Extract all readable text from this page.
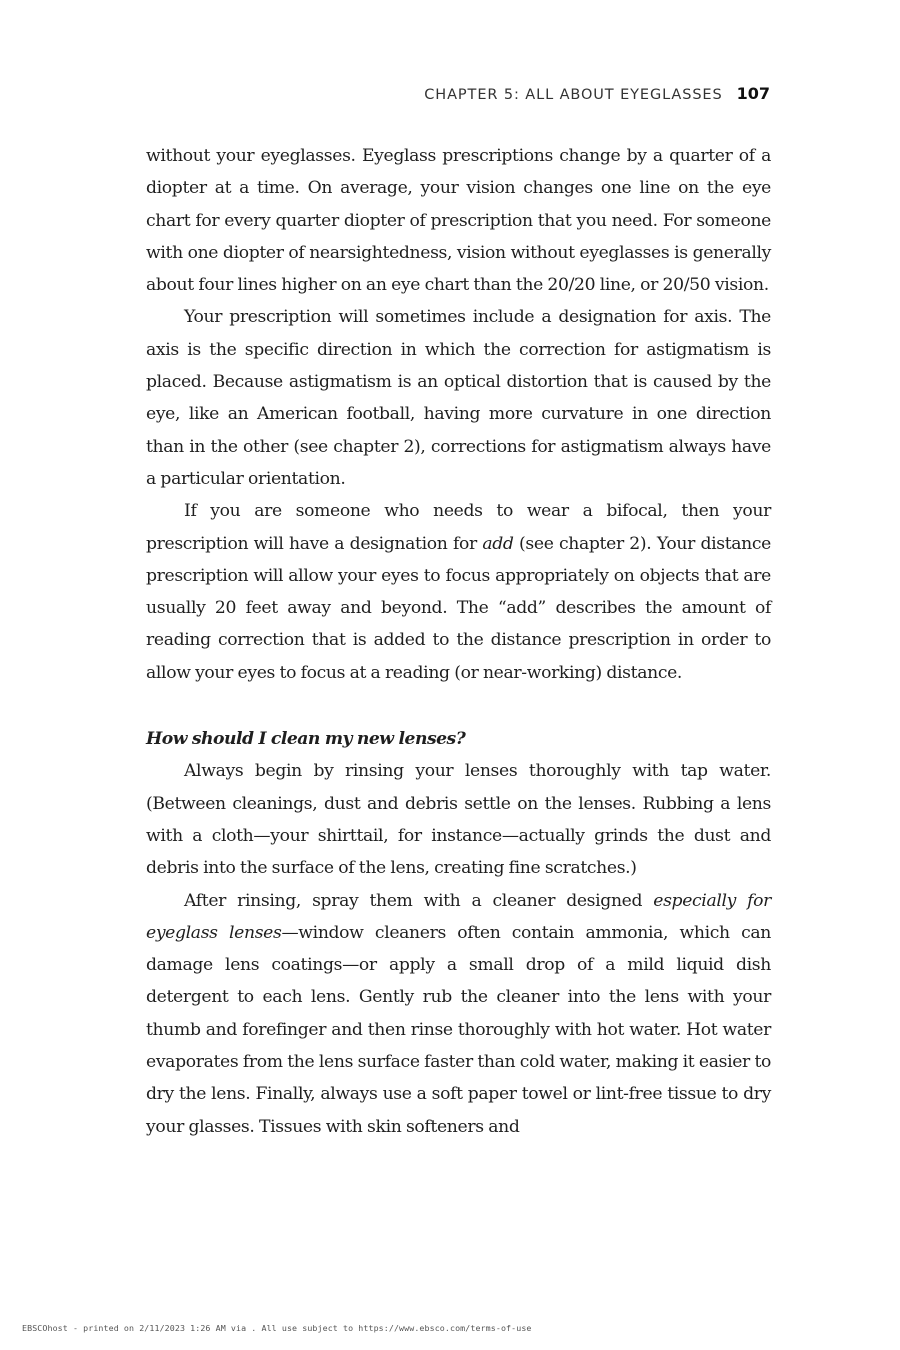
CHAPTER 5: ALL ABOUT EYEGLASSES 107

without your eyeglasses. Eyeglass prescriptions change by a quarter of a diopter at a time. On average, your vision changes one line on the eye chart for every quarter diopter of prescription that you need. For someone with one diopter of nearsightedness, vision without eyeglasses is generally about four lines higher on an eye chart than the 20/20 line, or 20/50 vision.

Your prescription will sometimes include a designation for axis. The axis is the specific direction in which the correction for astigmatism is placed. Because astigmatism is an optical distortion that is caused by the eye, like an American football, having more curvature in one direction than in the other (see chapter 2), corrections for astigmatism always have a particular orientation.

If you are someone who needs to wear a bifocal, then your prescription will have a designation for add (see chapter 2). Your distance prescription will allow your eyes to focus appropriately on objects that are usually 20 feet away and beyond. The “add” describes the amount of reading correction that is added to the distance prescription in order to allow your eyes to focus at a reading (or near-working) distance.

How should I clean my new lenses?

Always begin by rinsing your lenses thoroughly with tap water. (Between cleanings, dust and debris settle on the lenses. Rubbing a lens with a cloth—your shirttail, for instance—actually grinds the dust and debris into the surface of the lens, creating fine scratches.)

After rinsing, spray them with a cleaner designed especially for eyeglass lenses—window cleaners often contain ammonia, which can damage lens coatings—or apply a small drop of a mild liquid dish detergent to each lens. Gently rub the cleaner into the lens with your thumb and forefinger and then rinse thoroughly with hot water. Hot water evaporates from the lens surface faster than cold water, making it easier to dry the lens. Finally, always use a soft paper towel or lint-free tissue to dry your glasses. Tissues with skin softeners and

EBSCOhost - printed on 2/11/2023 1:26 AM via . All use subject to https://www.ebsco.com/terms-of-use
